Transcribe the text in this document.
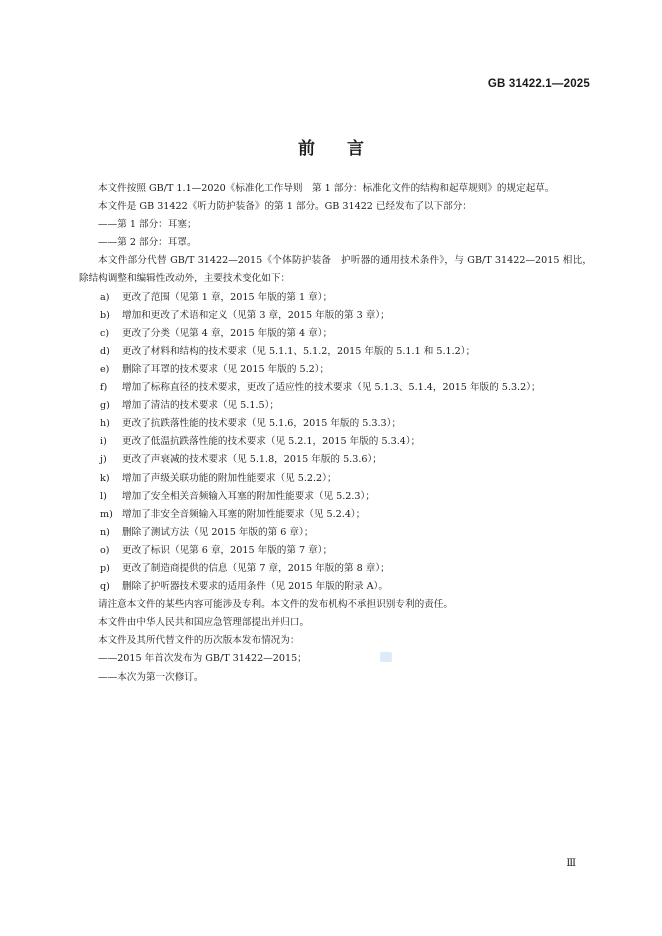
GB 31422.1—2025
前 言

本文件按照 GB/T 1.1—2020《标准化工作导则　第 1 部分：标准化文件的结构和起草规则》的规定起草。

本文件是 GB 31422《听力防护装备》的第 1 部分。GB 31422 已经发布了以下部分：

——第 1 部分：耳塞；

——第 2 部分：耳罩。

本文件部分代替 GB/T 31422—2015《个体防护装备　护听器的通用技术条件》，与 GB/T 31422—2015 相比，除结构调整和编辑性改动外，主要技术变化如下：

a)	更改了范围（见第 1 章，2015 年版的第 1 章）；

b)	增加和更改了术语和定义（见第 3 章，2015 年版的第 3 章）；

c)	更改了分类（见第 4 章，2015 年版的第 4 章）；

d)	更改了材料和结构的技术要求（见 5.1.1、5.1.2，2015 年版的 5.1.1 和 5.1.2）；

e)	删除了耳罩的技术要求（见 2015 年版的 5.2）；

f)	增加了标称直径的技术要求，更改了适应性的技术要求（见 5.1.3、5.1.4，2015 年版的 5.3.2）；

g)	增加了清洁的技术要求（见 5.1.5）；

h)	更改了抗跌落性能的技术要求（见 5.1.6，2015 年版的 5.3.3）；

i)	更改了低温抗跌落性能的技术要求（见 5.2.1，2015 年版的 5.3.4）；

j)	更改了声衰减的技术要求（见 5.1.8，2015 年版的 5.3.6）；

k)	增加了声级关联功能的附加性能要求（见 5.2.2）；

l)	增加了安全相关音频输入耳塞的附加性能要求（见 5.2.3）；

m) 增加了非安全音频输入耳塞的附加性能要求（见 5.2.4）；

n)	删除了测试方法（见 2015 年版的第 6 章）；

o)	更改了标识（见第 6 章，2015 年版的第 7 章）；

p)	更改了制造商提供的信息（见第 7 章，2015 年版的第 8 章）；

q)	删除了护听器技术要求的适用条件（见 2015 年版的附录 A）。

请注意本文件的某些内容可能涉及专利。本文件的发布机构不承担识别专利的责任。

本文件由中华人民共和国应急管理部提出并归口。

本文件及其所代替文件的历次版本发布情况为：

——2015 年首次发布为 GB/T 31422—2015；

——本次为第一次修订。

Ⅲ
